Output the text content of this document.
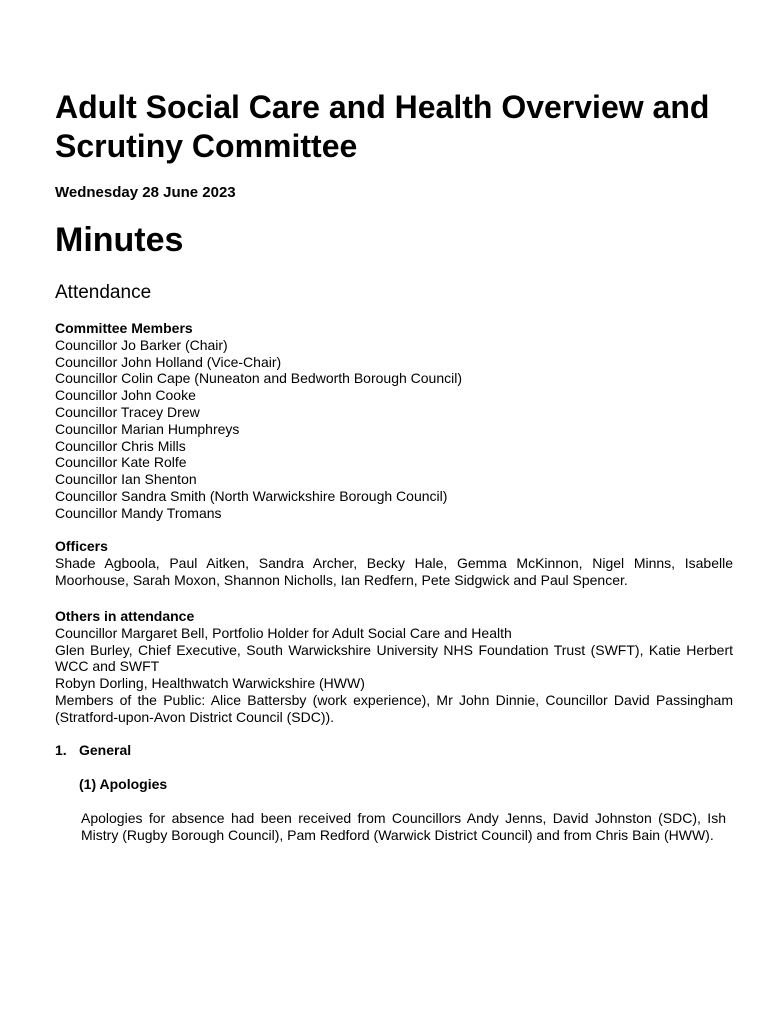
Adult Social Care and Health Overview and Scrutiny Committee
Wednesday 28 June 2023
Minutes
Attendance
Committee Members
Councillor Jo Barker (Chair)
Councillor John Holland (Vice-Chair)
Councillor Colin Cape (Nuneaton and Bedworth Borough Council)
Councillor John Cooke
Councillor Tracey Drew
Councillor Marian Humphreys
Councillor Chris Mills
Councillor Kate Rolfe
Councillor Ian Shenton
Councillor Sandra Smith (North Warwickshire Borough Council)
Councillor Mandy Tromans
Officers
Shade Agboola, Paul Aitken, Sandra Archer, Becky Hale, Gemma McKinnon, Nigel Minns, Isabelle Moorhouse, Sarah Moxon, Shannon Nicholls, Ian Redfern, Pete Sidgwick and Paul Spencer.
Others in attendance
Councillor Margaret Bell, Portfolio Holder for Adult Social Care and Health
Glen Burley, Chief Executive, South Warwickshire University NHS Foundation Trust (SWFT), Katie Herbert WCC and SWFT
Robyn Dorling, Healthwatch Warwickshire (HWW)
Members of the Public: Alice Battersby (work experience), Mr John Dinnie, Councillor David Passingham (Stratford-upon-Avon District Council (SDC)).
1. General
(1) Apologies
Apologies for absence had been received from Councillors Andy Jenns, David Johnston (SDC), Ish Mistry (Rugby Borough Council), Pam Redford (Warwick District Council) and from Chris Bain (HWW).
